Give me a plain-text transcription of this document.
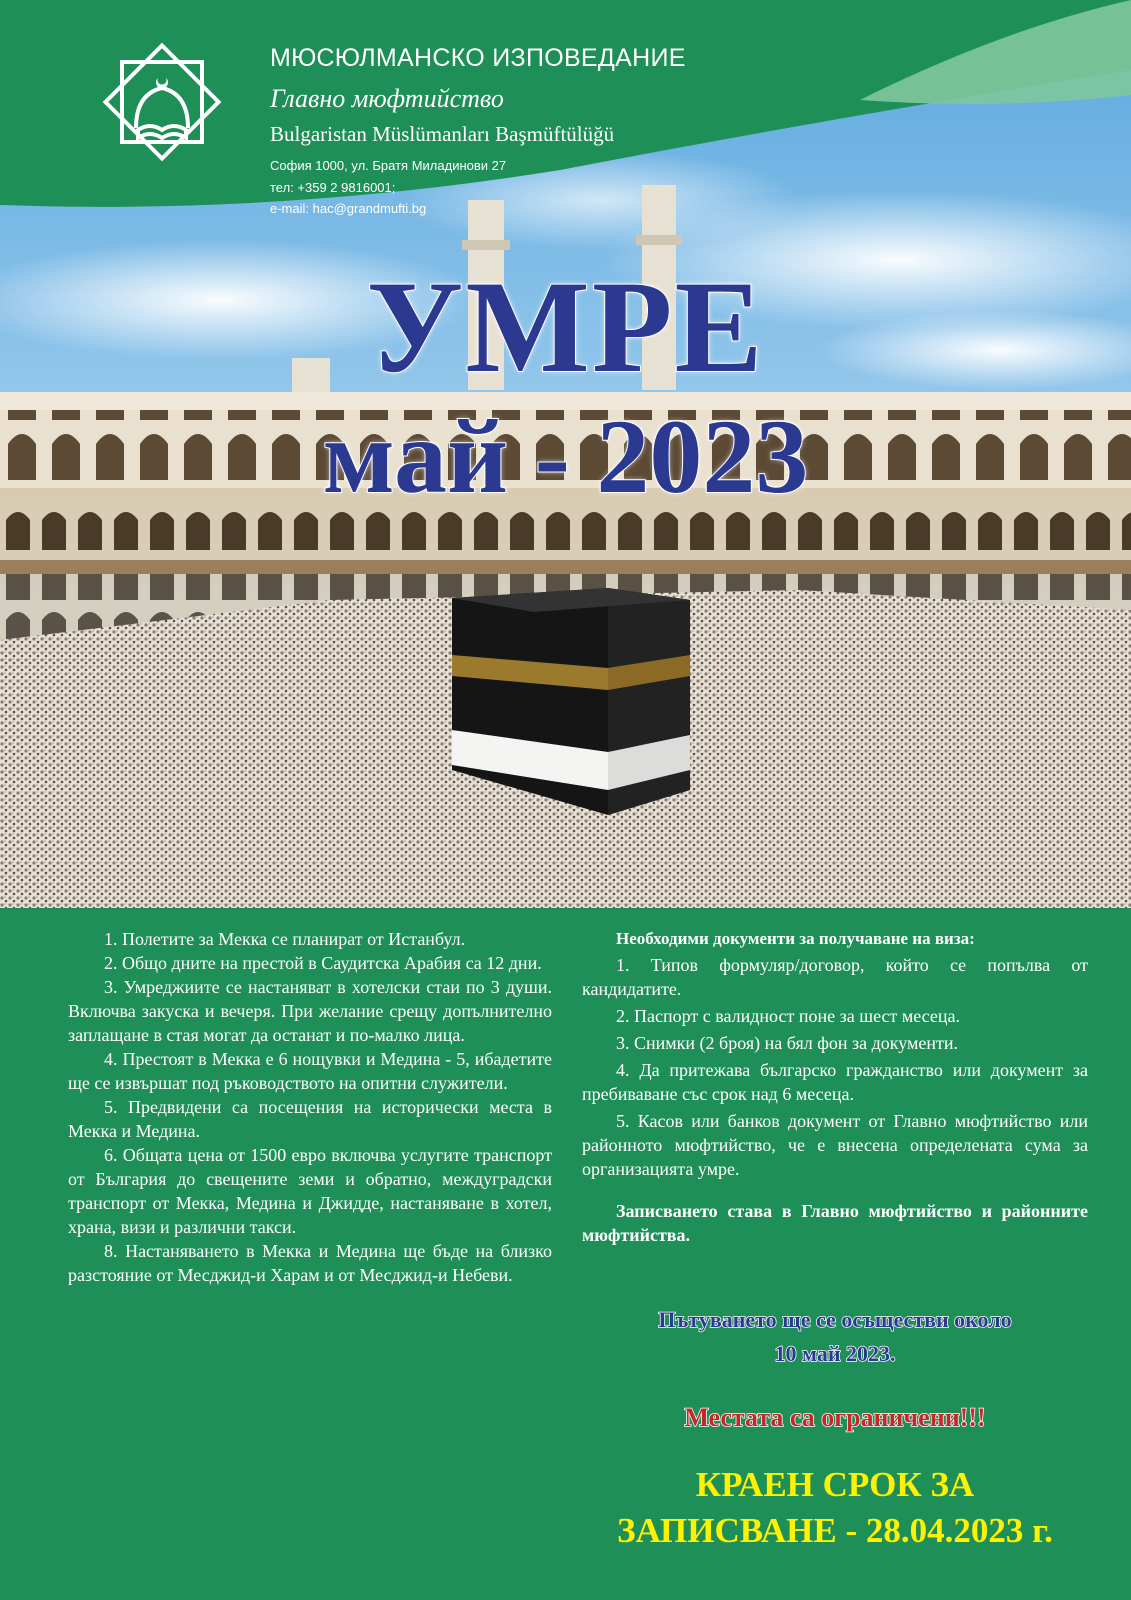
МЮСЮЛМАНСКО ИЗПОВЕДАНИЕ
Главно мюфтийство
Bulgaristan Müslümanları Başmüftülüğü
София 1000, ул. Братя Миладинови 27
тел: +359 2 9816001;
e-mail: hac@grandmufti.bg
УМРЕ
май - 2023

1. Полетите за Мекка се планират от Истанбул.

2. Общо дните на престой в Саудитска Арабия са 12 дни.

3. Умреджиите се настаняват в хотелски стаи по 3 души. Включва закуска и вечеря. При желание срещу допълнително заплащане в стая могат да останат и по-малко лица.

4. Престоят в Мекка е 6 нощувки и Медина - 5, ибадетите ще се извършат под ръководството на опитни служители.

5. Предвидени са посещения на исторически места в Мекка и Медина.

6. Общата цена от 1500 евро включва услугите транспорт от България до свещените земи и обратно, междуградски транспорт от Мекка, Медина и Джидде, настаняване в хотел, храна, визи и различни такси.

8. Настаняването в Мекка и Медина ще бъде на близко разстояние от Месджид-и Харам и от Месджид-и Небеви.

Необходими документи за получаване на виза:

1. Типов формуляр/договор, който се попълва от кандидатите.

2. Паспорт с валидност поне за шест месеца.

3. Снимки (2 броя) на бял фон за документи.

4. Да притежава българско гражданство или документ за пребиваване със срок над 6 месеца.

5. Касов или банков документ от Главно мюфтийство или районното мюфтийство, че е внесена определената сума за организацията умре.

Записването става в Главно мюфтийство и районните мюфтийства.

Пътуването ще се осъществи около
10 май 2023.
Местата са ограничени!!!
КРАЕН СРОК ЗА
ЗАПИСВАНЕ - 28.04.2023 г.
